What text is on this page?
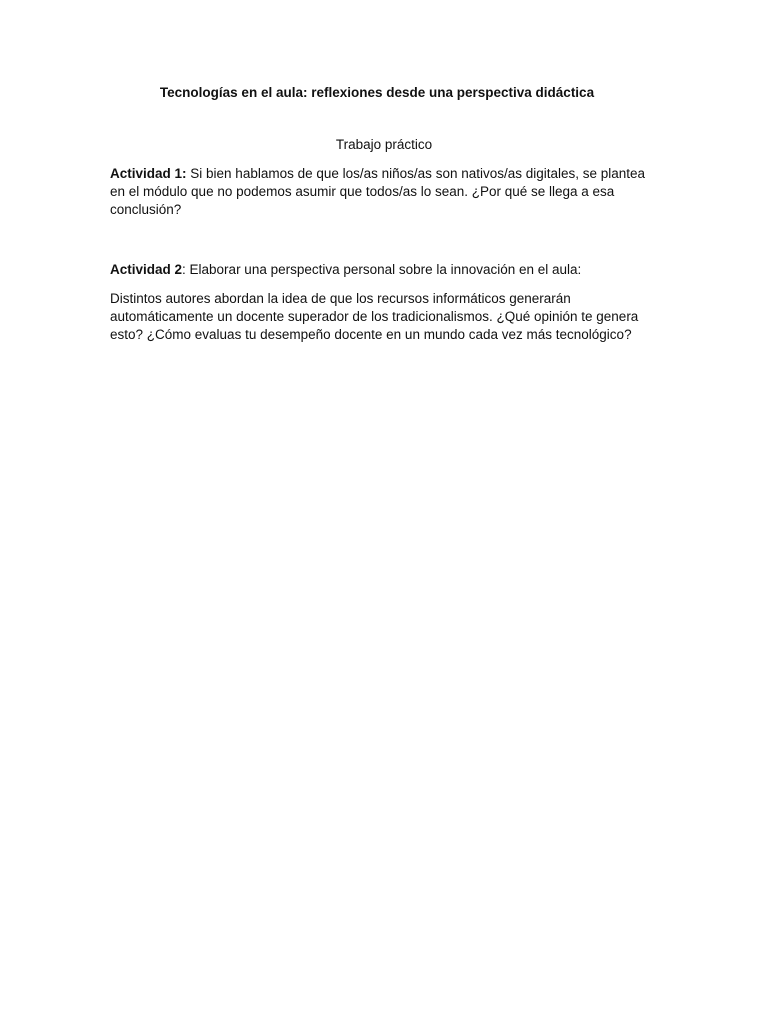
Tecnologías en el aula: reflexiones desde una perspectiva didáctica

Trabajo práctico

Actividad 1: Si bien hablamos de que los/as niños/as son nativos/as digitales, se plantea en el módulo que no podemos asumir que todos/as lo sean. ¿Por qué se llega a esa conclusión?

Actividad 2: Elaborar una perspectiva personal sobre la innovación en el aula:

Distintos autores abordan la idea de que los recursos informáticos generarán automáticamente un docente superador de los tradicionalismos. ¿Qué opinión te genera esto? ¿Cómo evaluas tu desempeño docente en un mundo cada vez más tecnológico?
